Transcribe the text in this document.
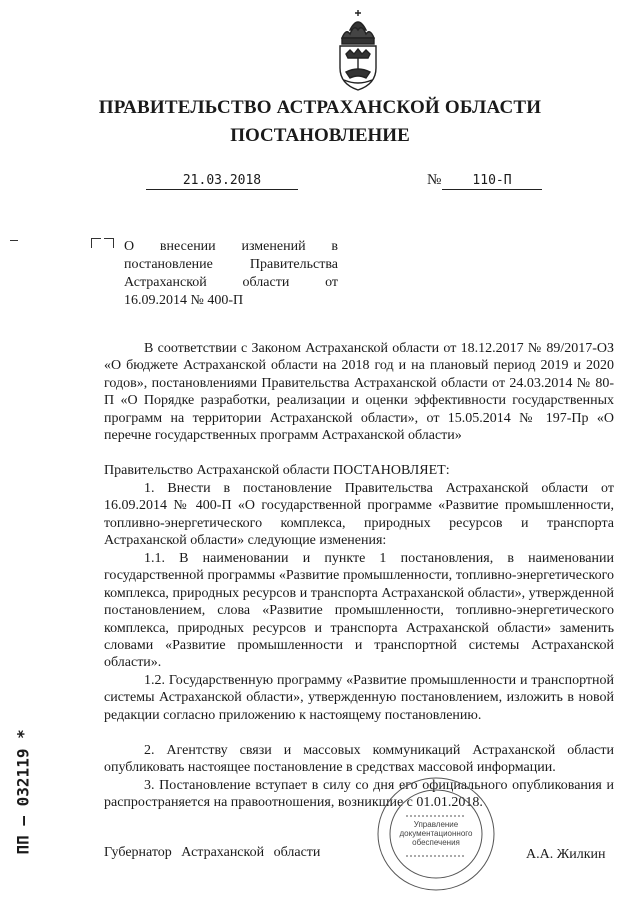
ПРАВИТЕЛЬСТВО АСТРАХАНСКОЙ ОБЛАСТИ
ПОСТАНОВЛЕНИЕ
21.03.2018	№	110-П
О внесении изменений в постановление Правительства Астраханской области от 16.09.2014 № 400-П
В соответствии с Законом Астраханской области от 18.12.2017 № 89/2017-ОЗ «О бюджете Астраханской области на 2018 год и на плановый период 2019 и 2020 годов», постановлениями Правительства Астраханской области от 24.03.2014 № 80-П «О Порядке разработки, реализации и оценки эффективности государственных программ на территории Астраханской области», от 15.05.2014 № 197-Пр «О перечне государственных программ Астраханской области»
Правительство Астраханской области ПОСТАНОВЛЯЕТ:
1. Внести в постановление Правительства Астраханской области от 16.09.2014 № 400-П «О государственной программе «Развитие промышленности, топливно-энергетического комплекса, природных ресурсов и транспорта Астраханской области» следующие изменения:
1.1. В наименовании и пункте 1 постановления, в наименовании государственной программы «Развитие промышленности, топливно-энергетического комплекса, природных ресурсов и транспорта Астраханской области», утвержденной постановлением, слова «Развитие промышленности, топливно-энергетического комплекса, природных ресурсов и транспорта Астраханской области» заменить словами «Развитие промышленности и транспортной системы Астраханской области».
1.2. Государственную программу «Развитие промышленности и транспортной системы Астраханской области», утвержденную постановлением, изложить в новой редакции согласно приложению к настоящему постановлению.
2. Агентству связи и массовых коммуникаций Астраханской области опубликовать настоящее постановление в средствах массовой информации.
3. Постановление вступает в силу со дня его официального опубликования и распространяется на правоотношения, возникшие с 01.01.2018.
Губернатор Астраханской области	А.А. Жилкин
Управление
документационного
обеспечения
ПП – 032119 *
